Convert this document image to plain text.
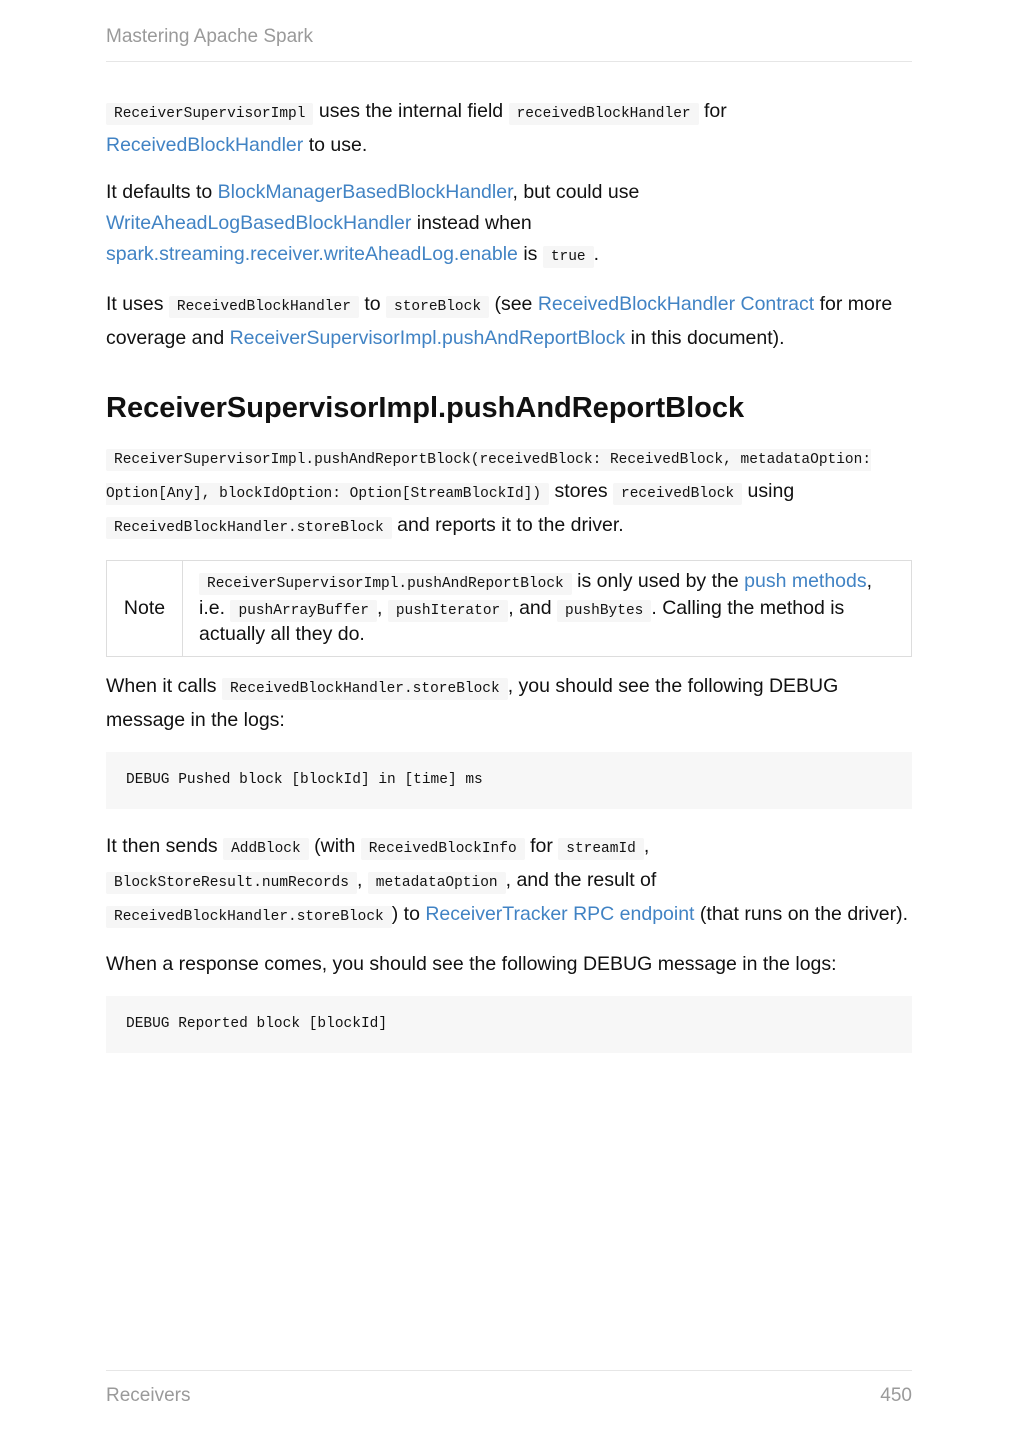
Mastering Apache Spark

ReceiverSupervisorImpl uses the internal field receivedBlockHandler for
ReceivedBlockHandler to use.

It defaults to BlockManagerBasedBlockHandler, but could use
WriteAheadLogBasedBlockHandler instead when
spark.streaming.receiver.writeAheadLog.enable is true .

It uses ReceivedBlockHandler to storeBlock (see ReceivedBlockHandler Contract for more coverage and ReceiverSupervisorImpl.pushAndReportBlock in this document).

ReceiverSupervisorImpl.pushAndReportBlock

ReceiverSupervisorImpl.pushAndReportBlock(receivedBlock: ReceivedBlock, metadataOption: Option[Any], blockIdOption: Option[StreamBlockId]) stores receivedBlock using ReceivedBlockHandler.storeBlock and reports it to the driver.

Note
ReceiverSupervisorImpl.pushAndReportBlock is only used by the push methods, i.e. pushArrayBuffer , pushIterator , and pushBytes . Calling the method is actually all they do.

When it calls ReceivedBlockHandler.storeBlock , you should see the following DEBUG message in the logs:

DEBUG Pushed block [blockId] in [time] ms

It then sends AddBlock (with ReceivedBlockInfo for streamId ,
BlockStoreResult.numRecords , metadataOption , and the result of
ReceivedBlockHandler.storeBlock ) to ReceiverTracker RPC endpoint (that runs on the driver).

When a response comes, you should see the following DEBUG message in the logs:

DEBUG Reported block [blockId]
Receivers	450
